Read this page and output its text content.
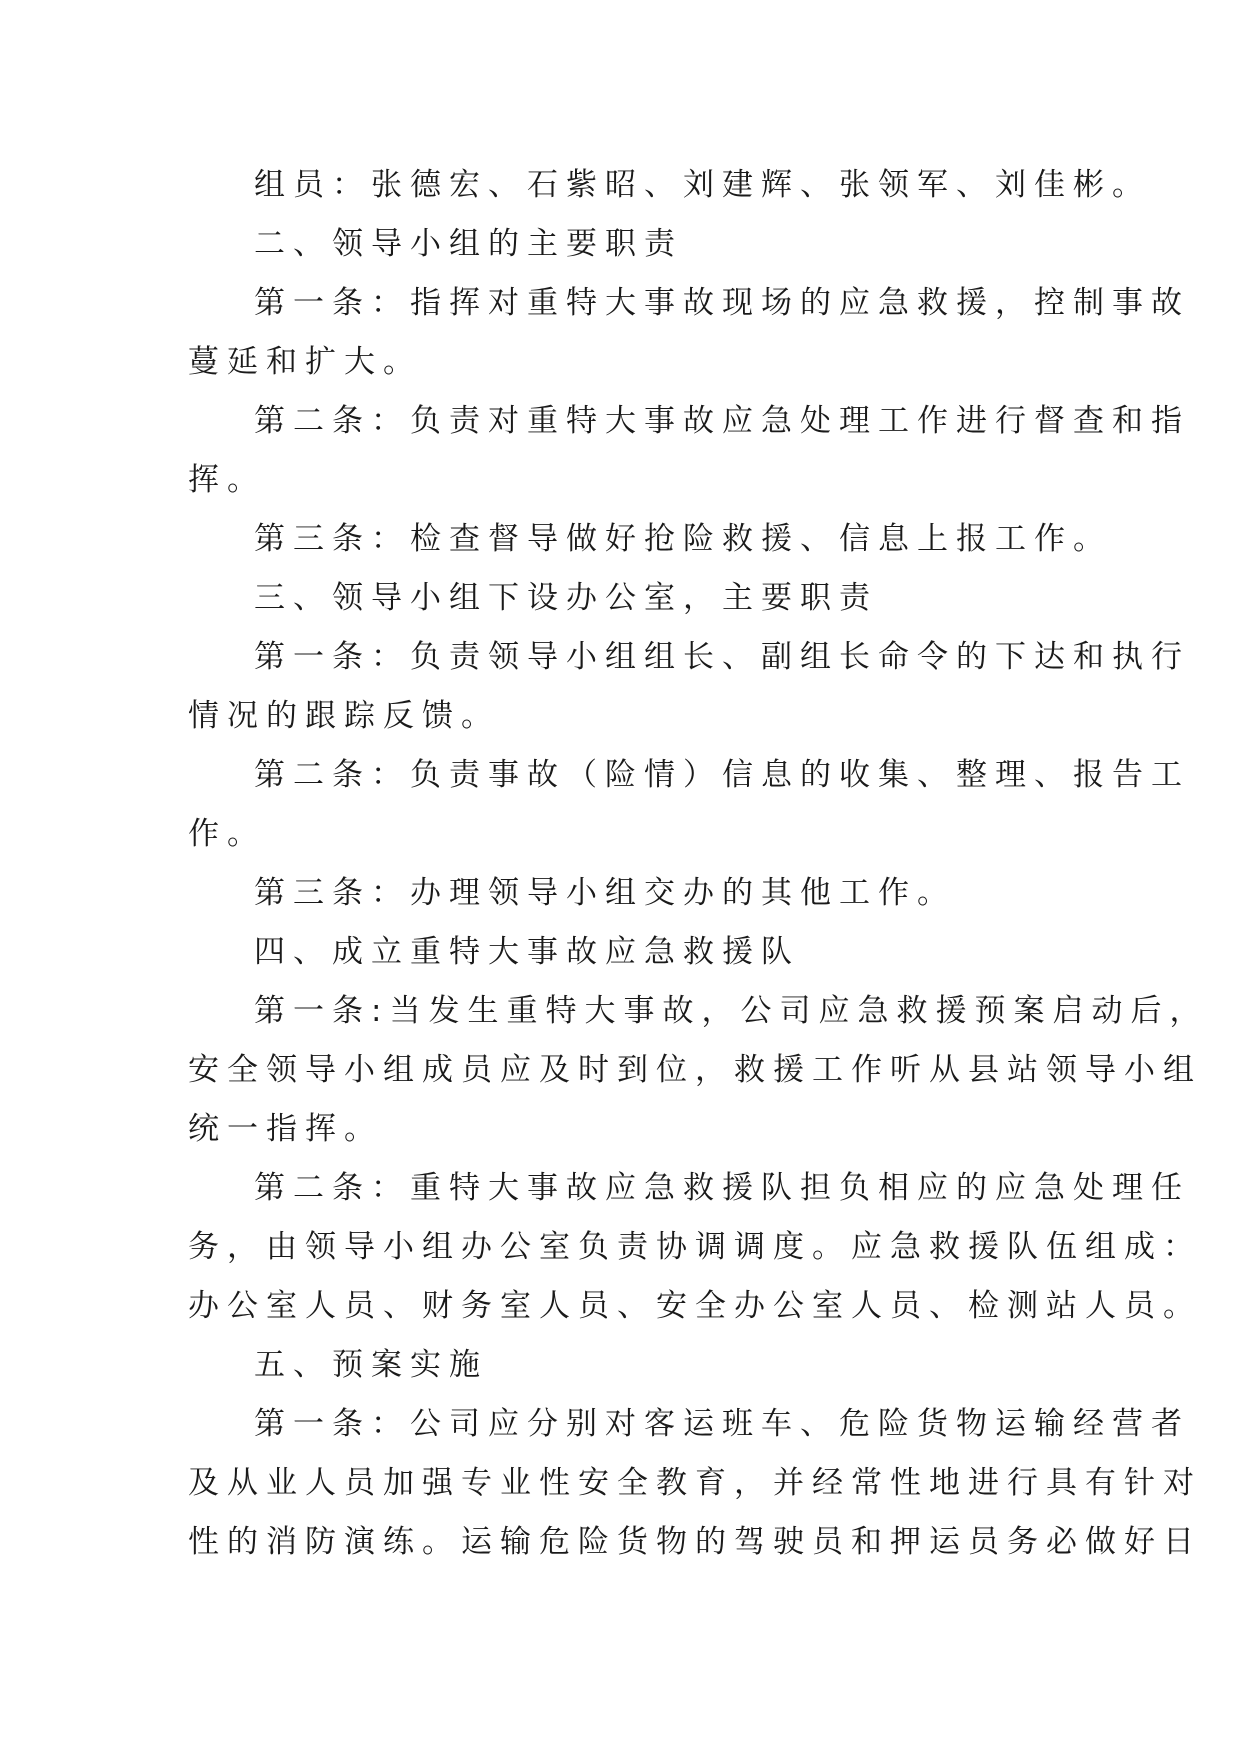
组员：张德宏、石紫昭、刘建辉、张领军、刘佳彬。
二、领导小组的主要职责
第一条：指挥对重特大事故现场的应急救援，控制事故
蔓延和扩大。
第二条：负责对重特大事故应急处理工作进行督查和指
挥。
第三条：检查督导做好抢险救援、信息上报工作。
三、领导小组下设办公室，主要职责
第一条：负责领导小组组长、副组长命令的下达和执行
情况的跟踪反馈。
第二条：负责事故（险情）信息的收集、整理、报告工
作。
第三条：办理领导小组交办的其他工作。
四、成立重特大事故应急救援队
第一条:当发生重特大事故，公司应急救援预案启动后，
安全领导小组成员应及时到位，救援工作听从县站领导小组
统一指挥。
第二条：重特大事故应急救援队担负相应的应急处理任
务，由领导小组办公室负责协调调度。应急救援队伍组成：
办公室人员、财务室人员、安全办公室人员、检测站人员。
五、预案实施
第一条：公司应分别对客运班车、危险货物运输经营者
及从业人员加强专业性安全教育，并经常性地进行具有针对
性的消防演练。运输危险货物的驾驶员和押运员务必做好日
